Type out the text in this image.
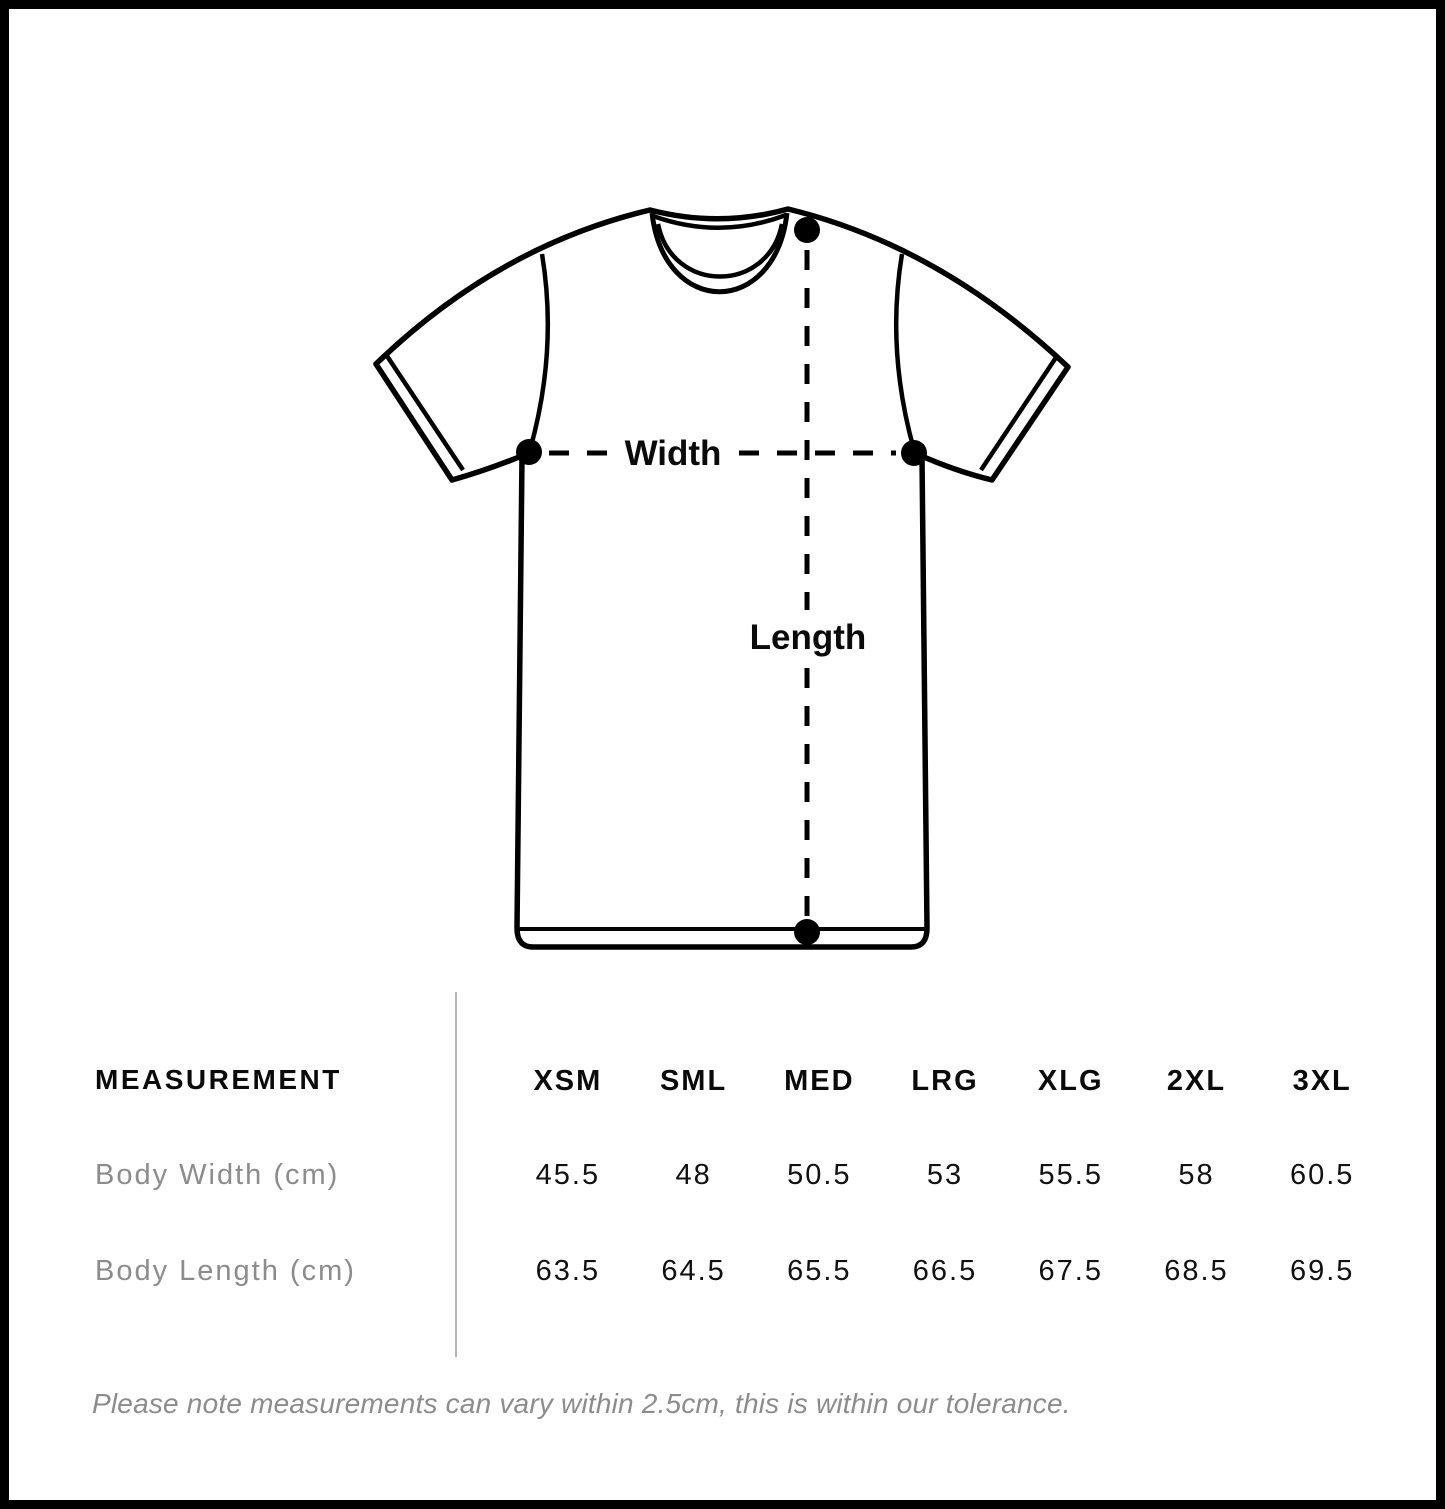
Width
Length
MEASUREMENT	XSM	SML	MED	LRG	XLG	2XL	3XL
Body Width (cm)	45.5	48	50.5	53	55.5	58	60.5
Body Length (cm)	63.5	64.5	65.5	66.5	67.5	68.5	69.5
Please note measurements can vary within 2.5cm, this is within our tolerance.
